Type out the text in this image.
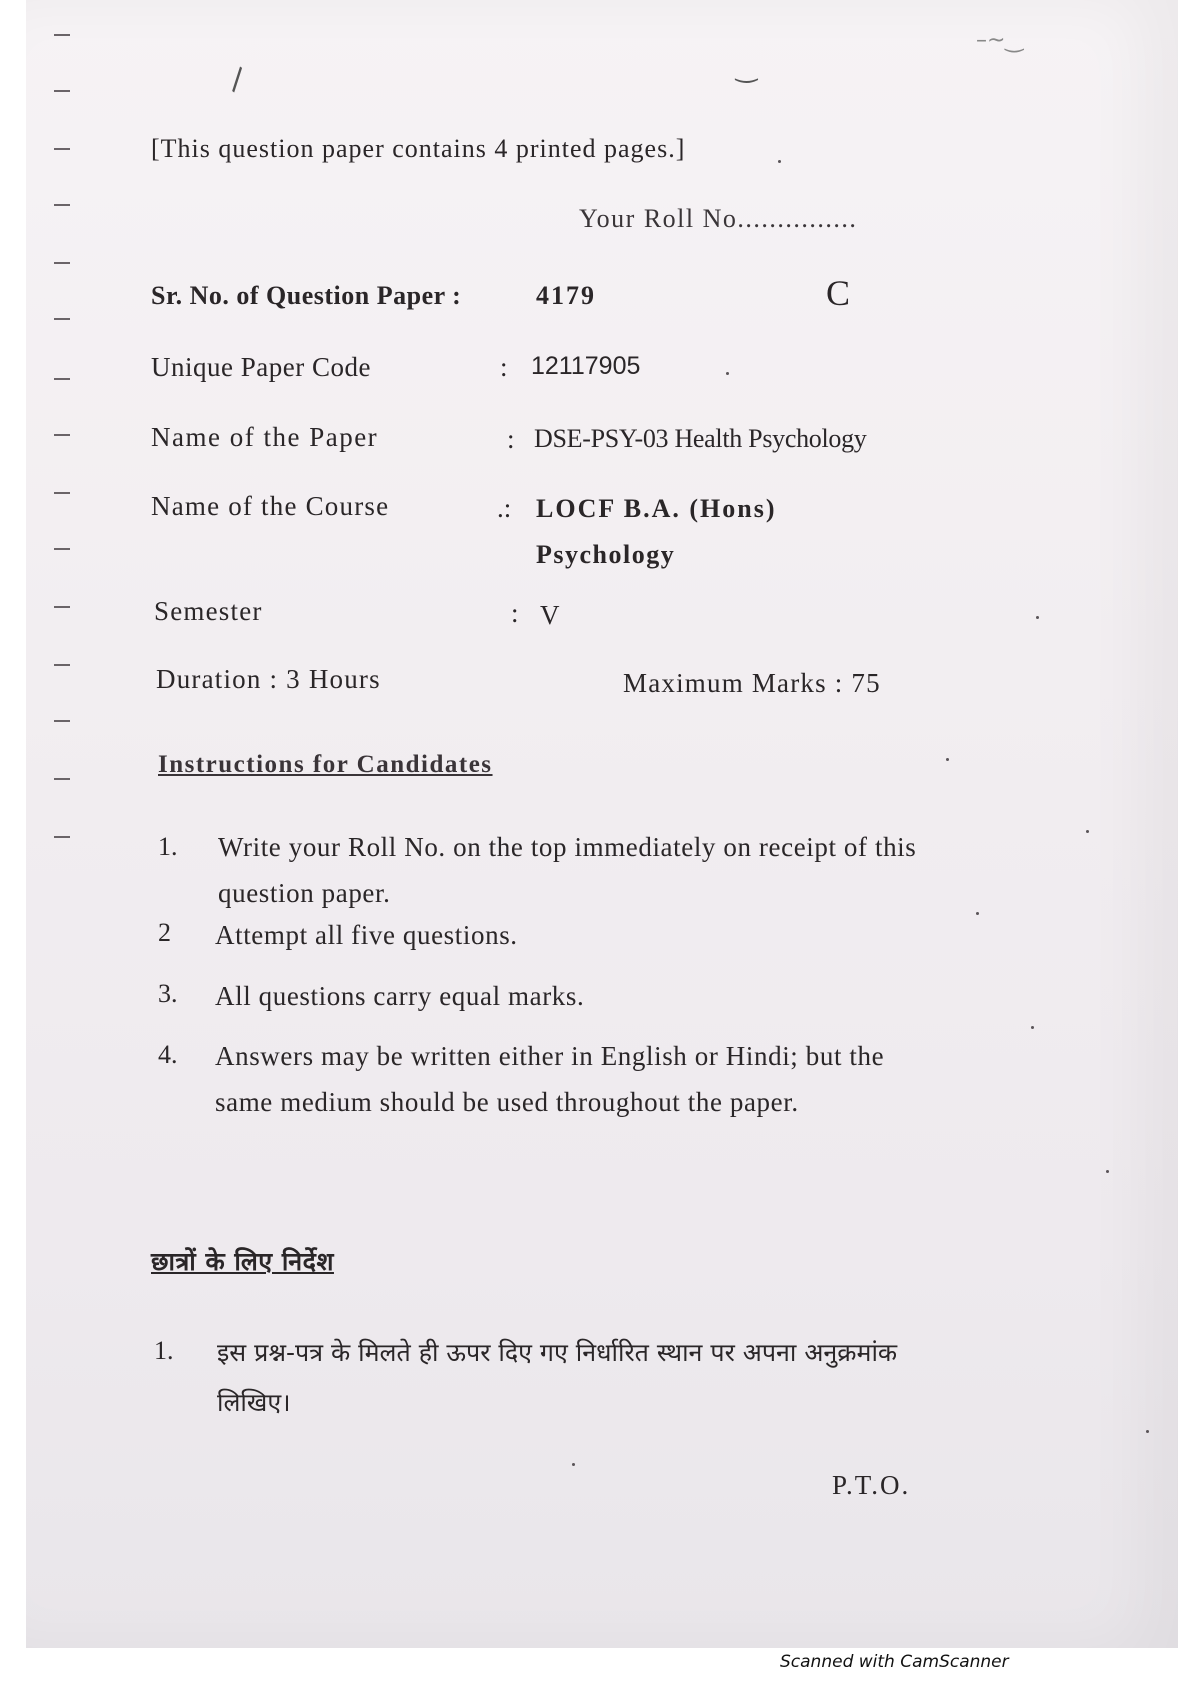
\	‿
–~‿
[This question paper contains 4 printed pages.]
Your Roll No...............
Sr. No. of Question Paper :	4179	C
Unique Paper Code	: 12117905
Name of the Paper	: DSE-PSY-03 Health Psychology
Name of the Course	.: LOCF B.A. (Hons)
Psychology
Semester	: V
Duration : 3 Hours	Maximum Marks : 75
Instructions for Candidates
1. Write your Roll No. on the top immediately on receipt of this question paper.
2 Attempt all five questions.
3. All questions carry equal marks.
4. Answers may be written either in English or Hindi; but the same medium should be used throughout the paper.
छात्रों के लिए निर्देश
1. इस प्रश्न-पत्र के मिलते ही ऊपर दिए गए निर्धारित स्थान पर अपना अनुक्रमांक लिखिए।
P.T.O.
Scanned with CamScanner
